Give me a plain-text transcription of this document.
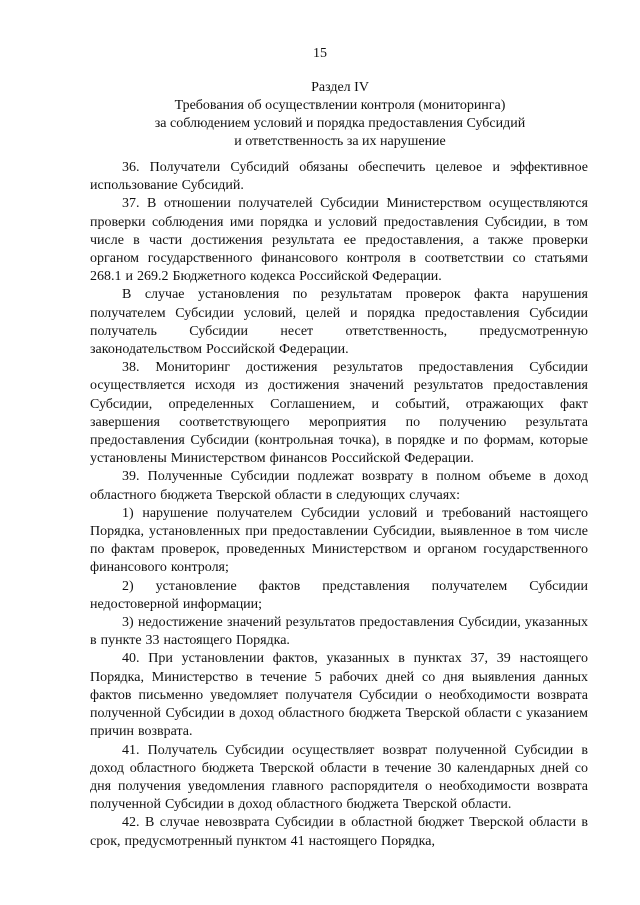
15
Раздел IV
Требования об осуществлении контроля (мониторинга)
за соблюдением условий и порядка предоставления Субсидий
и ответственность за их нарушение

36. Получатели Субсидий обязаны обеспечить целевое и эффективное использование Субсидий.

37. В отношении получателей Субсидии Министерством осуществляются проверки соблюдения ими порядка и условий предоставления Субсидии, в том числе в части достижения результата ее предоставления, а также проверки органом государственного финансового контроля в соответствии со статьями 268.1 и 269.2 Бюджетного кодекса Российской Федерации.

В случае установления по результатам проверок факта нарушения получателем Субсидии условий, целей и порядка предоставления Субсидии получатель Субсидии несет ответственность, предусмотренную законодательством Российской Федерации.

38. Мониторинг достижения результатов предоставления Субсидии осуществляется исходя из достижения значений результатов предоставления Субсидии, определенных Соглашением, и событий, отражающих факт завершения соответствующего мероприятия по получению результата предоставления Субсидии (контрольная точка), в порядке и по формам, которые установлены Министерством финансов Российской Федерации.

39. Полученные Субсидии подлежат возврату в полном объеме в доход областного бюджета Тверской области в следующих случаях:

1) нарушение получателем Субсидии условий и требований настоящего Порядка, установленных при предоставлении Субсидии, выявленное в том числе по фактам проверок, проведенных Министерством и органом государственного финансового контроля;

2) установление фактов представления получателем Субсидии недостоверной информации;

3) недостижение значений результатов предоставления Субсидии, указанных в пункте 33 настоящего Порядка.

40. При установлении фактов, указанных в пунктах 37, 39 настоящего Порядка, Министерство в течение 5 рабочих дней со дня выявления данных фактов письменно уведомляет получателя Субсидии о необходимости возврата полученной Субсидии в доход областного бюджета Тверской области с указанием причин возврата.

41. Получатель Субсидии осуществляет возврат полученной Субсидии в доход областного бюджета Тверской области в течение 30 календарных дней со дня получения уведомления главного распорядителя о необходимости возврата полученной Субсидии в доход областного бюджета Тверской области.

42. В случае невозврата Субсидии в областной бюджет Тверской области в срок, предусмотренный пунктом 41 настоящего Порядка,
